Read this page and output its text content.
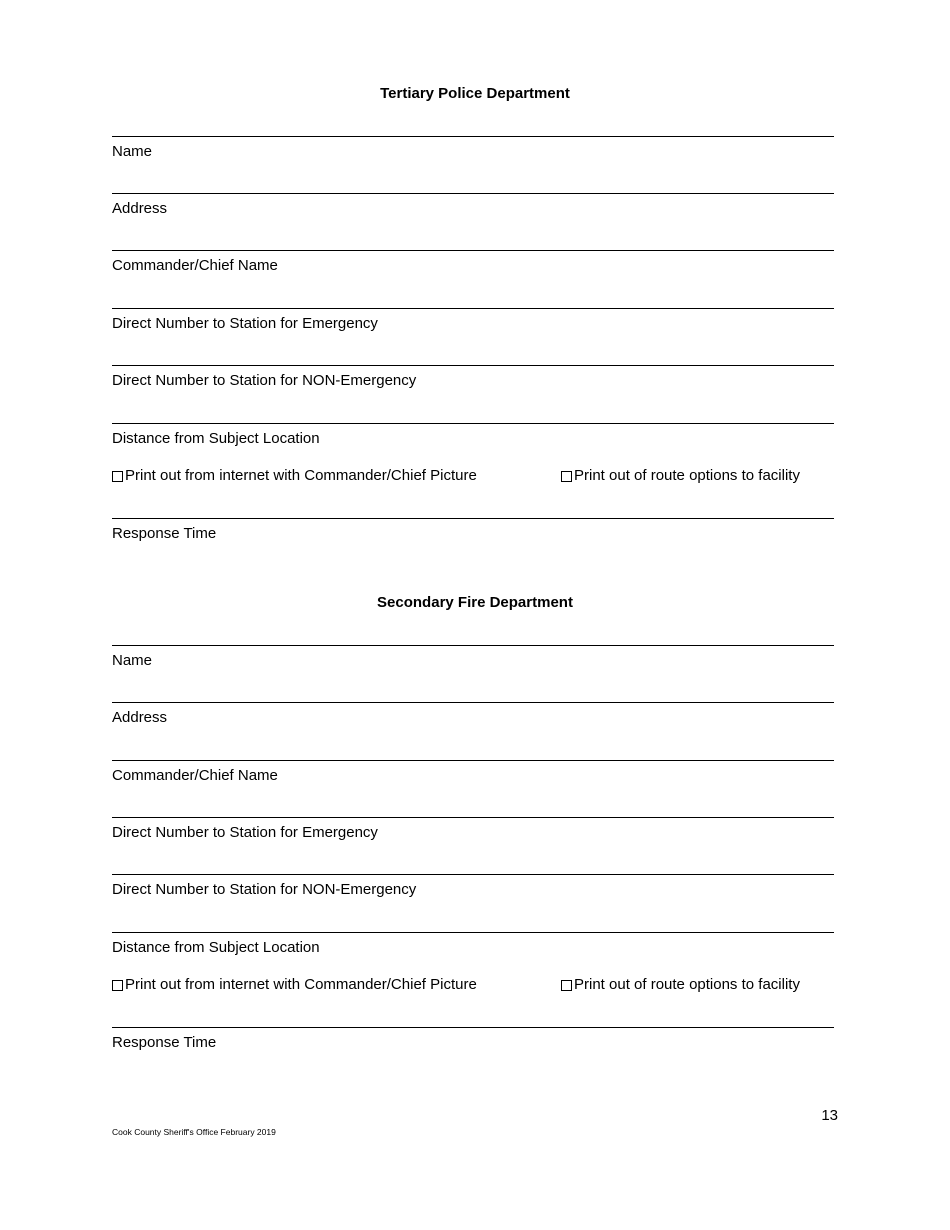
Tertiary Police Department
Name
Address
Commander/Chief Name
Direct Number to Station for Emergency
Direct Number to Station for NON-Emergency
Distance from Subject Location
Print out from internet with Commander/Chief Picture	Print out of route options to facility
Response Time
Secondary Fire Department
Name
Address
Commander/Chief Name
Direct Number to Station for Emergency
Direct Number to Station for NON-Emergency
Distance from Subject Location
Print out from internet with Commander/Chief Picture	Print out of route options to facility
Response Time
13
Cook County Sheriff's Office February 2019
